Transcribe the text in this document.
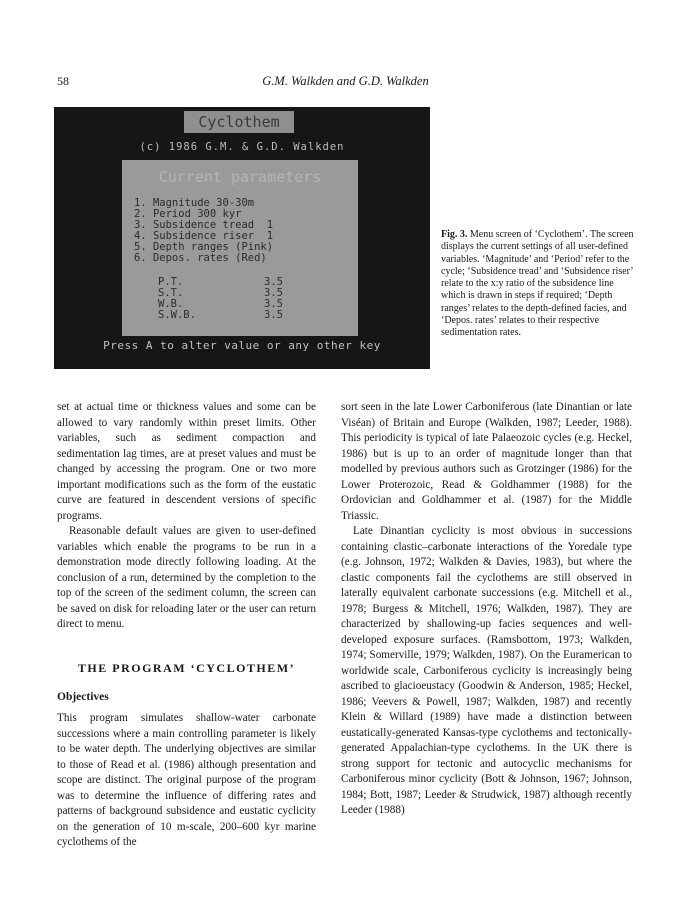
58	G.M. Walkden and G.D. Walkden
Cyclothem
(c) 1986 G.M. & G.D. Walkden
Current parameters
1. Magnitude 30-30m
2. Period 300 kyr
3. Subsidence tread  1
4. Subsidence riser  1
5. Depth ranges (Pink)
6. Depos. rates (Red)
P.T.	3.5
S.T.	3.5
W.B.	3.5
S.W.B.	3.5
Press A to alter value or any other key
Fig. 3. Menu screen of ‘Cyclothem’. The screen displays the current settings of all user-defined variables. ‘Magnitude’ and ‘Period’ refer to the cycle; ‘Subsidence tread’ and ‘Subsidence riser’ relate to the x:y ratio of the subsidence line which is drawn in steps if required; ‘Depth ranges’ relates to the depth-defined facies, and ‘Depos. rates’ relates to their respective sedimentation rates.

set at actual time or thickness values and some can be allowed to vary randomly within preset limits. Other variables, such as sediment compaction and sedimentation lag times, are at preset values and must be changed by accessing the program. One or two more important modifications such as the form of the eustatic curve are featured in descendent versions of specific programs.

Reasonable default values are given to user-defined variables which enable the programs to be run in a demonstration mode directly following loading. At the conclusion of a run, determined by the completion to the top of the screen of the sediment column, the screen can be saved on disk for reloading later or the user can return direct to menu.

THE PROGRAM ‘CYCLOTHEM’
Objectives

This program simulates shallow-water carbonate successions where a main controlling parameter is likely to be water depth. The underlying objectives are similar to those of Read et al. (1986) although presentation and scope are distinct. The original purpose of the program was to determine the influence of differing rates and patterns of background subsidence and eustatic cyclicity on the generation of 10 m-scale, 200–600 kyr marine cyclothems of the

sort seen in the late Lower Carboniferous (late Dinantian or late Viséan) of Britain and Europe (Walkden, 1987; Leeder, 1988). This periodicity is typical of late Palaeozoic cycles (e.g. Heckel, 1986) but is up to an order of magnitude longer than that modelled by previous authors such as Grotzinger (1986) for the Lower Proterozoic, Read & Goldhammer (1988) for the Ordovician and Goldhammer et al. (1987) for the Middle Triassic.

Late Dinantian cyclicity is most obvious in successions containing clastic–carbonate interactions of the Yoredale type (e.g. Johnson, 1972; Walkden & Davies, 1983), but where the clastic components fail the cyclothems are still observed in laterally equivalent carbonate successions (e.g. Mitchell et al., 1978; Burgess & Mitchell, 1976; Walkden, 1987). They are characterized by shallowing-up facies sequences and well-developed exposure surfaces. (Ramsbottom, 1973; Walkden, 1974; Somerville, 1979; Walkden, 1987). On the Euramerican to worldwide scale, Carboniferous cyclicity is increasingly being ascribed to glacioeustacy (Goodwin & Anderson, 1985; Heckel, 1986; Veevers & Powell, 1987; Walkden, 1987) and recently Klein & Willard (1989) have made a distinction between eustatically-generated Kansas-type cyclothems and tectonically-generated Appalachian-type cyclothems. In the UK there is strong support for tectonic and autocyclic mechanisms for Carboniferous minor cyclicity (Bott & Johnson, 1967; Johnson, 1984; Bott, 1987; Leeder & Strudwick, 1987) although recently Leeder (1988)
